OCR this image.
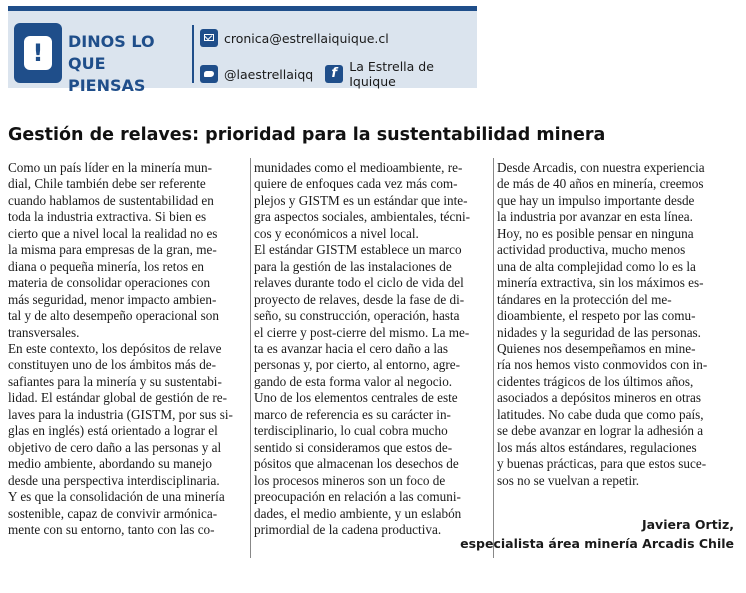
!	DINOS LO
QUE PIENSAS
cronica@estrellaiquique.cl
@laestrellaiqq	f La Estrella de Iquique
Gestión de relaves: prioridad para la sustentabilidad minera

Como un país líder en la minería mun-

dial, Chile también debe ser referente

cuando hablamos de sustentabilidad en

toda la industria extractiva. Si bien es

cierto que a nivel local la realidad no es

la misma para empresas de la gran, me-

diana o pequeña minería, los retos en

materia de consolidar operaciones con

más seguridad, menor impacto ambien-

tal y de alto desempeño operacional son

transversales.

En este contexto, los depósitos de relave

constituyen uno de los ámbitos más de-

safiantes para la minería y su sustentabi-

lidad. El estándar global de gestión de re-

laves para la industria (GISTM, por sus si-

glas en inglés) está orientado a lograr el

objetivo de cero daño a las personas y al

medio ambiente, abordando su manejo

desde una perspectiva interdisciplinaria.

Y es que la consolidación de una minería

sostenible, capaz de convivir armónica-

mente con su entorno, tanto con las co-

munidades como el medioambiente, re-

quiere de enfoques cada vez más com-

plejos y GISTM es un estándar que inte-

gra aspectos sociales, ambientales, técni-

cos y económicos a nivel local.

El estándar GISTM establece un marco

para la gestión de las instalaciones de

relaves durante todo el ciclo de vida del

proyecto de relaves, desde la fase de di-

seño, su construcción, operación, hasta

el cierre y post-cierre del mismo. La me-

ta es avanzar hacia el cero daño a las

personas y, por cierto, al entorno, agre-

gando de esta forma valor al negocio.

Uno de los elementos centrales de este

marco de referencia es su carácter in-

terdisciplinario, lo cual cobra mucho

sentido si consideramos que estos de-

pósitos que almacenan los desechos de

los procesos mineros son un foco de

preocupación en relación a las comuni-

dades, el medio ambiente, y un eslabón

primordial de la cadena productiva.

Desde Arcadis, con nuestra experiencia

de más de 40 años en minería, creemos

que hay un impulso importante desde

la industria por avanzar en esta línea.

Hoy, no es posible pensar en ninguna

actividad productiva, mucho menos

una de alta complejidad como lo es la

minería extractiva, sin los máximos es-

tándares en la protección del me-

dioambiente, el respeto por las comu-

nidades y la seguridad de las personas.

Quienes nos desempeñamos en mine-

ría nos hemos visto conmovidos con in-

cidentes trágicos de los últimos años,

asociados a depósitos mineros en otras

latitudes. No cabe duda que como país,

se debe avanzar en lograr la adhesión a

los más altos estándares, regulaciones

y buenas prácticas, para que estos suce-

sos no se vuelvan a repetir.

Javiera Ortiz,
especialista área minería Arcadis Chile
